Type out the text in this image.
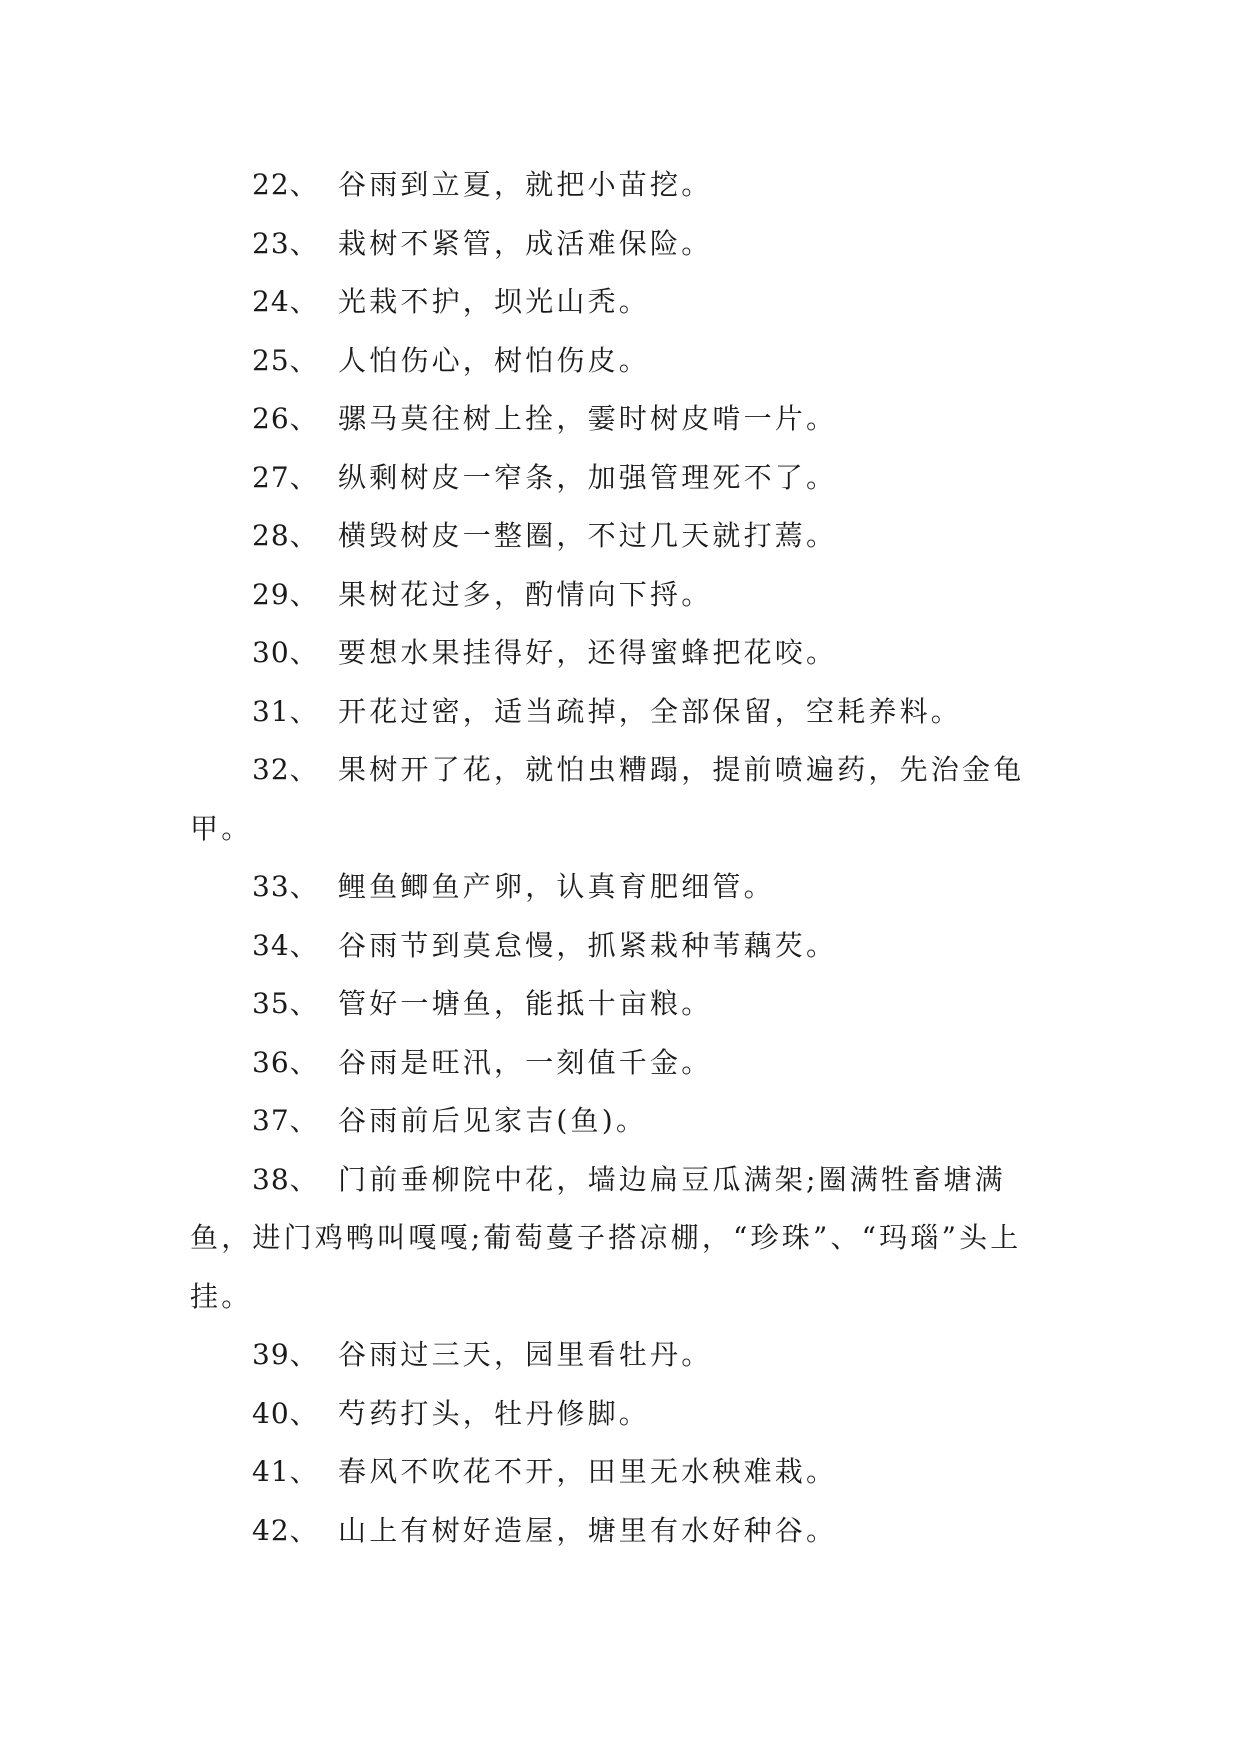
22、 谷雨到立夏，就把小苗挖。

23、 栽树不紧管，成活难保险。

24、 光栽不护，坝光山秃。

25、 人怕伤心，树怕伤皮。

26、 骡马莫往树上拴，霎时树皮啃一片。

27、 纵剩树皮一窄条，加强管理死不了。

28、 横毁树皮一整圈，不过几天就打蔫。

29、 果树花过多，酌情向下捋。

30、 要想水果挂得好，还得蜜蜂把花咬。

31、 开花过密，适当疏掉，全部保留，空耗养料。

32、 果树开了花，就怕虫糟蹋，提前喷遍药，先治金龟甲。

33、 鲤鱼鲫鱼产卵，认真育肥细管。

34、 谷雨节到莫怠慢，抓紧栽种苇藕芡。

35、 管好一塘鱼，能抵十亩粮。

36、 谷雨是旺汛，一刻值千金。

37、 谷雨前后见家吉(鱼)。

38、 门前垂柳院中花，墙边扁豆瓜满架;圈满牲畜塘满鱼，进门鸡鸭叫嘎嘎;葡萄蔓子搭凉棚，“珍珠”、“玛瑙”头上挂。

39、 谷雨过三天，园里看牡丹。

40、 芍药打头，牡丹修脚。

41、 春风不吹花不开，田里无水秧难栽。

42、 山上有树好造屋，塘里有水好种谷。
